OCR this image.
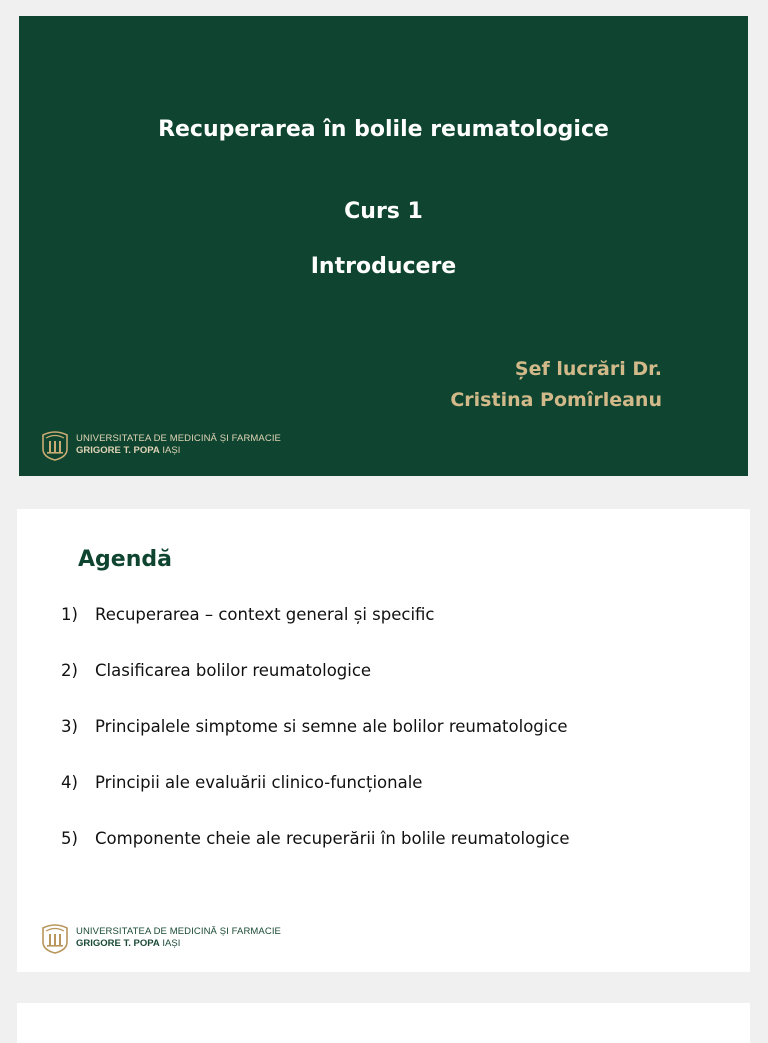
Recuperarea în bolile reumatologice
Curs 1
Introducere
Șef lucrări Dr.
Cristina Pomîrleanu
UNIVERSITATEA DE MEDICINĂ ȘI FARMACIE
GRIGORE T. POPA IAȘI
Agendă
1)	Recuperarea – context general și specific
2)	Clasificarea bolilor reumatologice
3)	Principalele simptome si semne ale bolilor reumatologice
4)	Principii ale evaluării clinico-funcționale
5)	Componente cheie ale recuperării în bolile reumatologice
UNIVERSITATEA DE MEDICINĂ ȘI FARMACIE
GRIGORE T. POPA IAȘI
